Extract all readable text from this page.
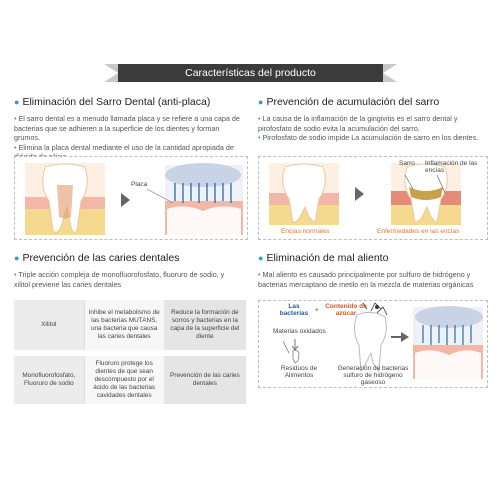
Características del producto
● Eliminación del Sarro Dental (anti-placa)

• El sarro dental es a menudo llamada placa y se refiere a una capa de bacterias que se adhieren a la superficie de los dientes y forman grumos.

• Elimina la placa dental mediante el uso de la cantidad apropiada de

Placa
● Prevención de acumulación del sarro

• La causa de la inflamación de la gingivitis es el sarro dental y pirofosfato de sodio evita la acumulación del sarro.

• Pirofosfato de sodio impide La acumulación de sarro en los dientes.

Sarro Inflamación de las encías
Encías normales	Enfermedades en las encías
● Prevención de las caries dentales

• Triple acción compleja de monofluorofosfato, fluoruro de sodio, y xilitol previene las caries dentales

Xilitol	Inhibe el metabolismo de las bacterias MUTANS, una bacteria que causa las caries dentales	Reduce la formación de sorros y bacterias en la capa de la superficie del diente
Monofluorofosfato, Fluoruro de sodio	Fluoruro protege los dientes de que sean descompuesto por el ácido de las bacterias cavidades dentales	Prevención de las caries dentales
● Eliminación de mal aliento

• Mal aliento es causado principalmente por sulfuro de hidrógeno y bacterias mercaptano de metilo en la mezcla de materias orgánicas

Las bacterias	+
Contenido de azúcar
Materias oxidados
Residuos de Alimentos
Generación de bacterias sulfuro de hidrógeno gaseoso
